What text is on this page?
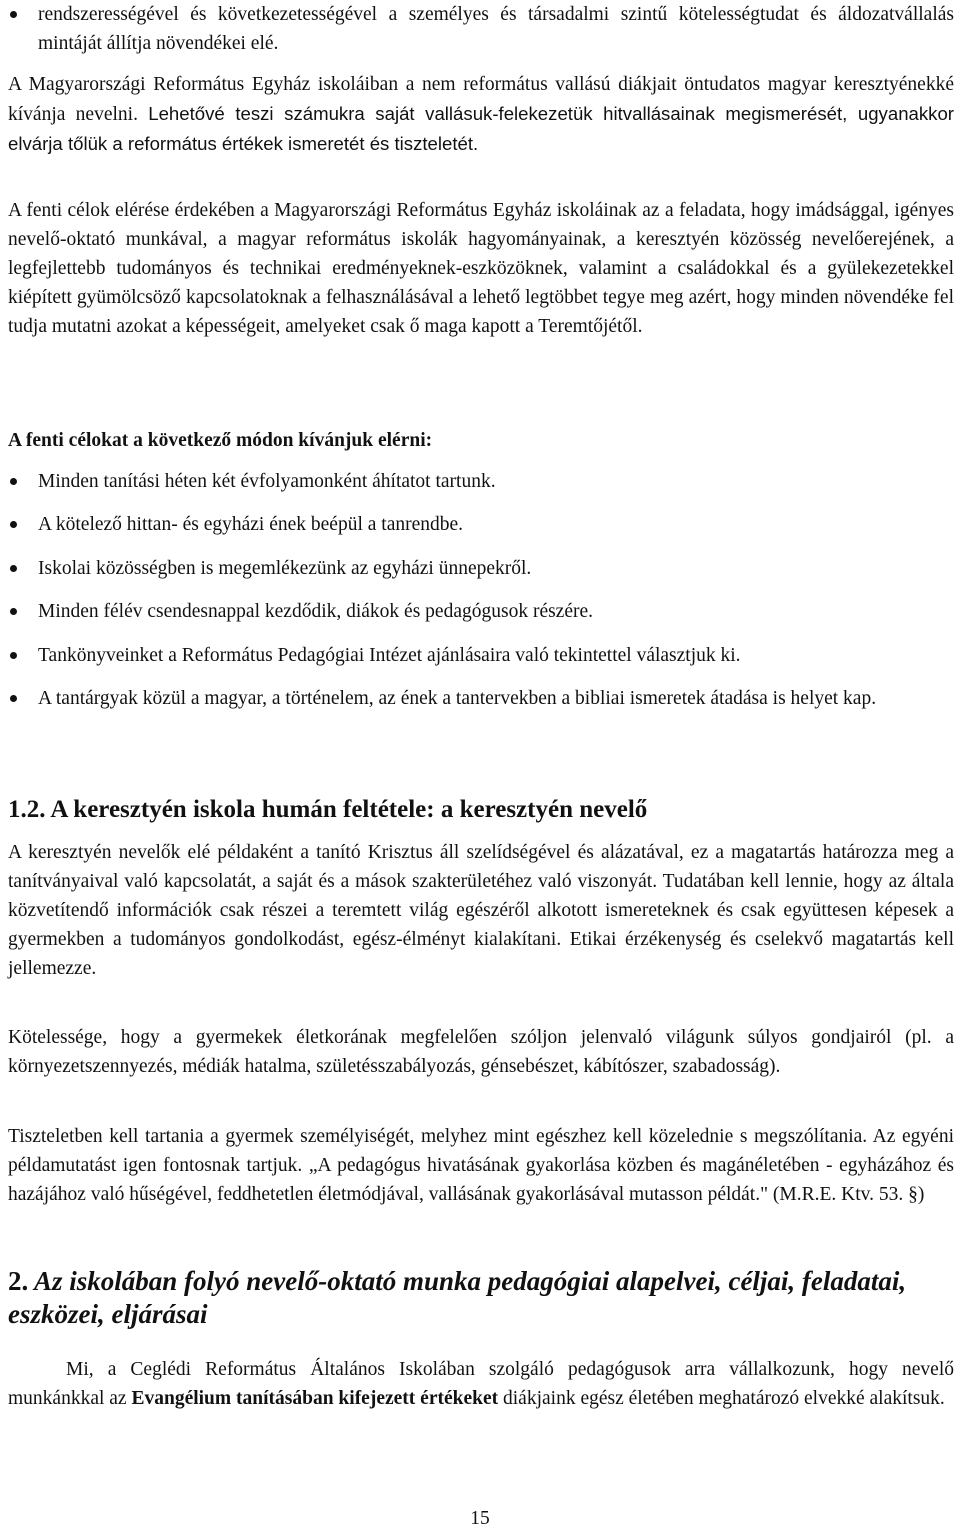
rendszerességével és következetességével a személyes és társadalmi szintű kötelességtudat és áldozatvállalás mintáját állítja növendékei elé.

A Magyarországi Református Egyház iskoláiban a nem református vallású diákjait öntudatos magyar keresztyénekké kívánja nevelni. Lehetővé teszi számukra saját vallásuk-felekezetük hitvallásainak megismerését, ugyanakkor elvárja tőlük a református értékek ismeretét és tiszteletét.

A fenti célok elérése érdekében a Magyarországi Református Egyház iskoláinak az a feladata, hogy imádsággal, igényes nevelő-oktató munkával, a magyar református iskolák hagyományainak, a keresztyén közösség nevelőerejének, a legfejlettebb tudományos és technikai eredményeknek-eszközöknek, valamint a családokkal és a gyülekezetekkel kiépített gyümölcsöző kapcsolatoknak a felhasználásával a lehető legtöbbet tegye meg azért, hogy minden növendéke fel tudja mutatni azokat a képességeit, amelyeket csak ő maga kapott a Teremtőjétől.

A fenti célokat a következő módon kívánjuk elérni:

Minden tanítási héten két évfolyamonként áhítatot tartunk.
A kötelező hittan- és egyházi ének beépül a tanrendbe.
Iskolai közösségben is megemlékezünk az egyházi ünnepekről.
Minden félév csendesnappal kezdődik, diákok és pedagógusok részére.
Tankönyveinket a Református Pedagógiai Intézet ajánlásaira való tekintettel választjuk ki.
A tantárgyak közül a magyar, a történelem, az ének a tantervekben a bibliai ismeretek átadása is helyet kap.

1.2. A keresztyén iskola humán feltétele: a keresztyén nevelő

A keresztyén nevelők elé példaként a tanító Krisztus áll szelídségével és alázatával, ez a magatartás határozza meg a tanítványaival való kapcsolatát, a saját és a mások szakterületéhez való viszonyát. Tudatában kell lennie, hogy az általa közvetítendő információk csak részei a teremtett világ egészéről alkotott ismereteknek és csak együttesen képesek a gyermekben a tudományos gondolkodást, egész-élményt kialakítani. Etikai érzékenység és cselekvő magatartás kell jellemezze.

Kötelessége, hogy a gyermekek életkorának megfelelően szóljon jelenvaló világunk súlyos gondjairól (pl. a környezetszennyezés, médiák hatalma, születésszabályozás, génsebészet, kábítószer, szabadosság).

Tiszteletben kell tartania a gyermek személyiségét, melyhez mint egészhez kell közelednie s megszólítania. Az egyéni példamutatást igen fontosnak tartjuk. „A pedagógus hivatásának gyakorlása közben és magánéletében - egyházához és hazájához való hűségével, feddhetetlen életmódjával, vallásának gyakorlásával mutasson példát." (M.R.E. Ktv. 53. §)

2. Az iskolában folyó nevelő-oktató munka pedagógiai alapelvei, céljai, feladatai, eszközei, eljárásai

Mi, a Ceglédi Református Általános Iskolában szolgáló pedagógusok arra vállalkozunk, hogy nevelő munkánkkal az Evangélium tanításában kifejezett értékeket diákjaink egész életében meghatározó elvekké alakítsuk.

15
